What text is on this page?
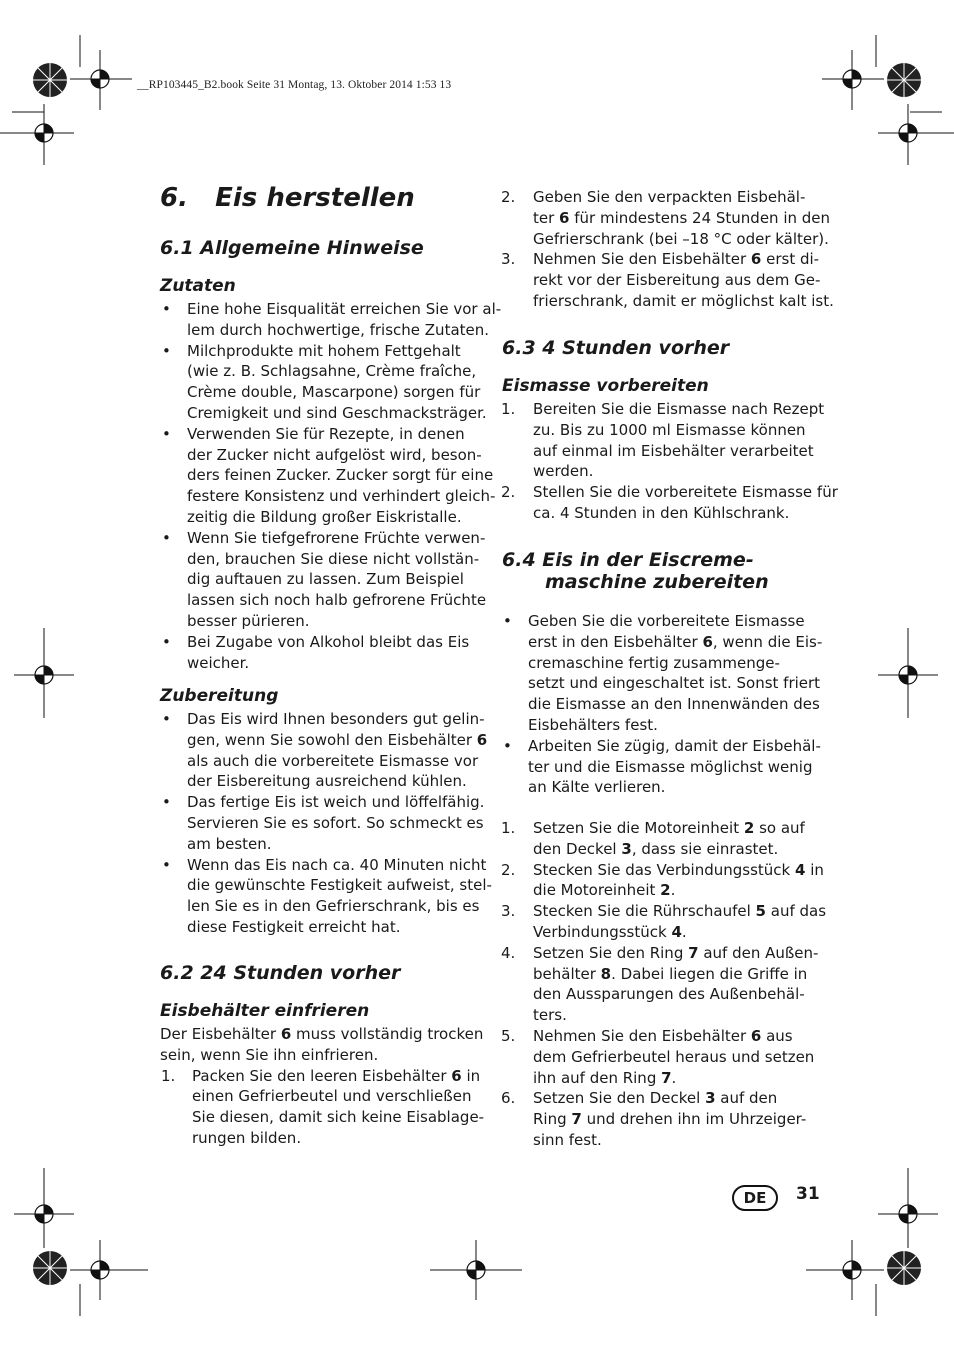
__RP103445_B2.book Seite 31 Montag, 13. Oktober 2014 1:53 13
6.   Eis herstellen
6.1 Allgemeine Hinweise
Zutaten
•	Eine hohe Eisqualität erreichen Sie vor al-
lem durch hochwertige, frische Zutaten.
•	Milchprodukte mit hohem Fettgehalt
(wie z. B. Schlagsahne, Crème fraîche,
Crème double, Mascarpone) sorgen für
Cremigkeit und sind Geschmacksträger.
•	Verwenden Sie für Rezepte, in denen
der Zucker nicht aufgelöst wird, beson-
ders feinen Zucker. Zucker sorgt für eine
festere Konsistenz und verhindert gleich-
zeitig die Bildung großer Eiskristalle.
•	Wenn Sie tiefgefrorene Früchte verwen-
den, brauchen Sie diese nicht vollstän-
dig auftauen zu lassen. Zum Beispiel
lassen sich noch halb gefrorene Früchte
besser pürieren.
•	Bei Zugabe von Alkohol bleibt das Eis
weicher.
Zubereitung
•	Das Eis wird Ihnen besonders gut gelin-
gen, wenn Sie sowohl den Eisbehälter 6
als auch die vorbereitete Eismasse vor
der Eisbereitung ausreichend kühlen.
•	Das fertige Eis ist weich und löffelfähig.
Servieren Sie es sofort. So schmeckt es
am besten.
•	Wenn das Eis nach ca. 40 Minuten nicht
die gewünschte Festigkeit aufweist, stel-
len Sie es in den Gefrierschrank, bis es
diese Festigkeit erreicht hat.
6.2 24 Stunden vorher
Eisbehälter einfrieren
Der Eisbehälter 6 muss vollständig trocken
sein, wenn Sie ihn einfrieren.
1.	Packen Sie den leeren Eisbehälter 6 in
einen Gefrierbeutel und verschließen
Sie diesen, damit sich keine Eisablage-
rungen bilden.
2.	Geben Sie den verpackten Eisbehäl-
ter 6 für mindestens 24 Stunden in den
Gefrierschrank (bei –18 °C oder kälter).
3.	Nehmen Sie den Eisbehälter 6 erst di-
rekt vor der Eisbereitung aus dem Ge-
frierschrank, damit er möglichst kalt ist.
6.3 4 Stunden vorher
Eismasse vorbereiten
1.	Bereiten Sie die Eismasse nach Rezept
zu. Bis zu 1000 ml Eismasse können
auf einmal im Eisbehälter verarbeitet
werden.
2.	Stellen Sie die vorbereitete Eismasse für
ca. 4 Stunden in den Kühlschrank.
6.4 Eis in der Eiscreme-
maschine zubereiten
•	Geben Sie die vorbereitete Eismasse
erst in den Eisbehälter 6, wenn die Eis-
cremaschine fertig zusammenge-
setzt und eingeschaltet ist. Sonst friert
die Eismasse an den Innenwänden des
Eisbehälters fest.
•	Arbeiten Sie zügig, damit der Eisbehäl-
ter und die Eismasse möglichst wenig
an Kälte verlieren.
1.	Setzen Sie die Motoreinheit 2 so auf
den Deckel 3, dass sie einrastet.
2.	Stecken Sie das Verbindungsstück 4 in
die Motoreinheit 2.
3.	Stecken Sie die Rührschaufel 5 auf das
Verbindungsstück 4.
4.	Setzen Sie den Ring 7 auf den Außen-
behälter 8. Dabei liegen die Griffe in
den Aussparungen des Außenbehäl-
ters.
5.	Nehmen Sie den Eisbehälter 6 aus
dem Gefrierbeutel heraus und setzen
ihn auf den Ring 7.
6.	Setzen Sie den Deckel 3 auf den
Ring 7 und drehen ihn im Uhrzeiger-
sinn fest.
DE	31
